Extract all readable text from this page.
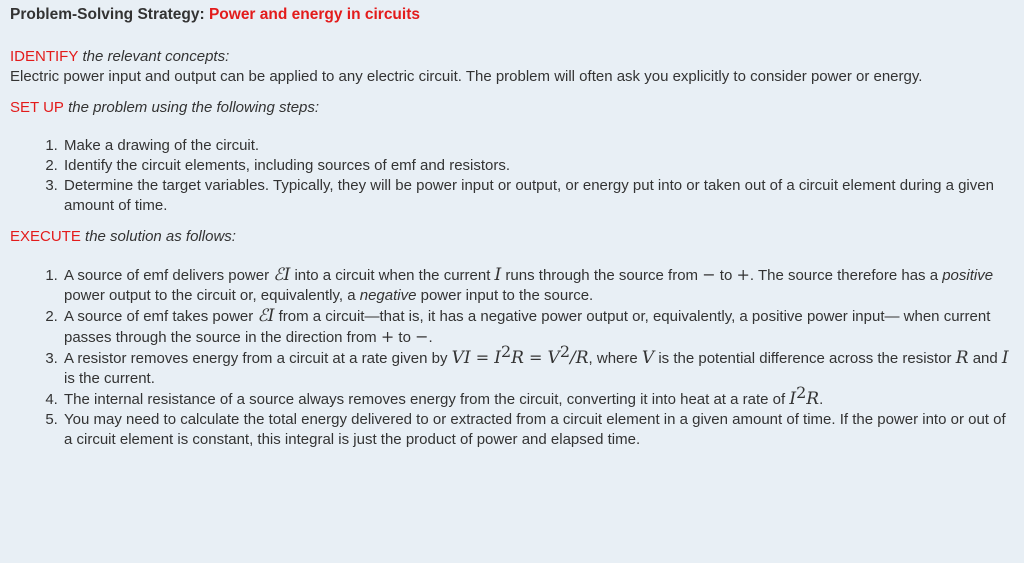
Problem-Solving Strategy: Power and energy in circuits
IDENTIFY the relevant concepts:

Electric power input and output can be applied to any electric circuit. The problem will often ask you explicitly to consider power or energy.

SET UP the problem using the following steps:
1. Make a drawing of the circuit.
2. Identify the circuit elements, including sources of emf and resistors.
3. Determine the target variables. Typically, they will be power input or output, or energy put into or taken out of a circuit element during a given amount of time.
EXECUTE the solution as follows:
1. A source of emf delivers power ℰI into a circuit when the current I runs through the source from − to +. The source therefore has a positive power output to the circuit or, equivalently, a negative power input to the source.
2. A source of emf takes power ℰI from a circuit—that is, it has a negative power output or, equivalently, a positive power input— when current passes through the source in the direction from + to −.
3. A resistor removes energy from a circuit at a rate given by VI = $I^2R = V^2/R$, where V is the potential difference across the resistor R and I is the current.
4. The internal resistance of a source always removes energy from the circuit, converting it into heat at a rate of $I^2R$.
5. You may need to calculate the total energy delivered to or extracted from a circuit element in a given amount of time. If the power into or out of a circuit element is constant, this integral is just the product of power and elapsed time.
